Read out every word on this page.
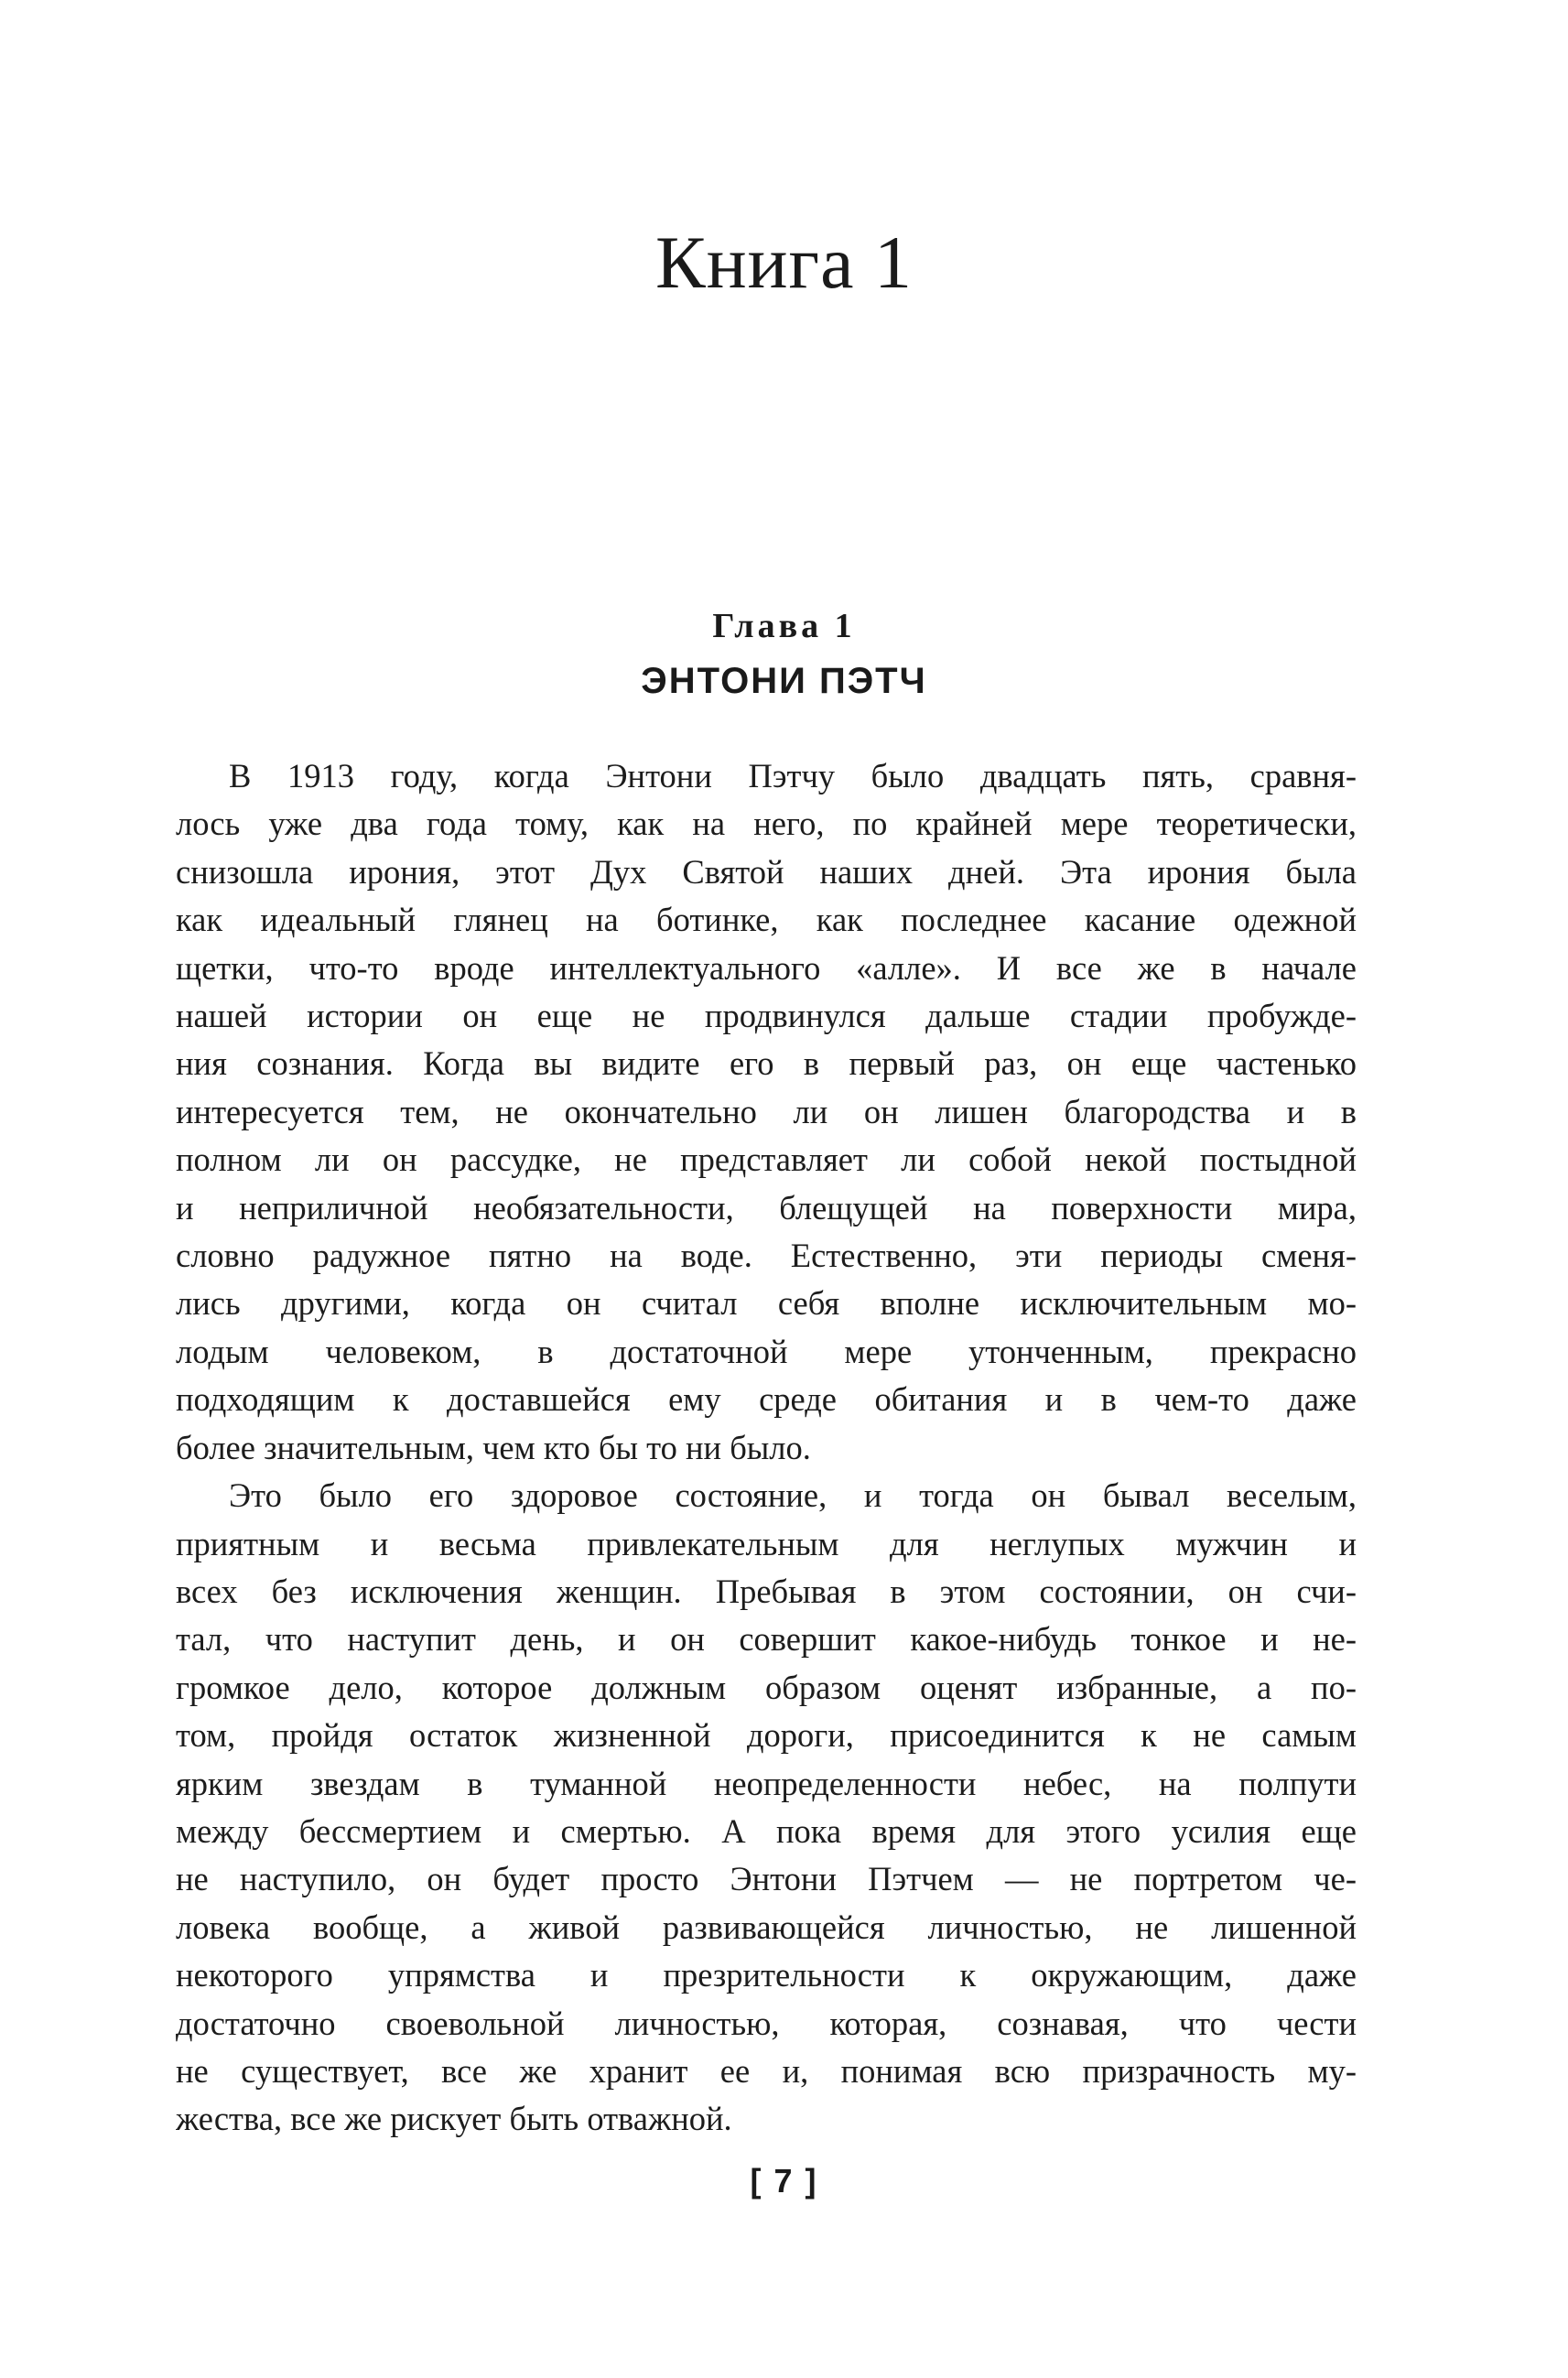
Книга 1
Глава 1
ЭНТОНИ ПЭТЧ
В 1913 году, когда Энтони Пэтчу было двадцать пять, сравня-
лось уже два года тому, как на него, по крайней мере теоретически,
снизошла ирония, этот Дух Святой наших дней. Эта ирония была
как идеальный глянец на ботинке, как последнее касание одежной
щетки, что-то вроде интеллектуального «алле». И все же в начале
нашей истории он еще не продвинулся дальше стадии пробужде-
ния сознания. Когда вы видите его в первый раз, он еще частенько
интересуется тем, не окончательно ли он лишен благородства и в
полном ли он рассудке, не представляет ли собой некой постыдной
и неприличной необязательности, блещущей на поверхности мира,
словно радужное пятно на воде. Естественно, эти периоды сменя-
лись другими, когда он считал себя вполне исключительным мо-
лодым человеком, в достаточной мере утонченным, прекрасно
подходящим к доставшейся ему среде обитания и в чем-то даже
более значительным, чем кто бы то ни было.
Это было его здоровое состояние, и тогда он бывал веселым,
приятным и весьма привлекательным для неглупых мужчин и
всех без исключения женщин. Пребывая в этом состоянии, он счи-
тал, что наступит день, и он совершит какое-нибудь тонкое и не-
громкое дело, которое должным образом оценят избранные, а по-
том, пройдя остаток жизненной дороги, присоединится к не самым
ярким звездам в туманной неопределенности небес, на полпути
между бессмертием и смертью. А пока время для этого усилия еще
не наступило, он будет просто Энтони Пэтчем — не портретом че-
ловека вообще, а живой развивающейся личностью, не лишенной
некоторого упрямства и презрительности к окружающим, даже
достаточно своевольной личностью, которая, сознавая, что чести
не существует, все же хранит ее и, понимая всю призрачность му-
жества, все же рискует быть отважной.
[ 7 ]
